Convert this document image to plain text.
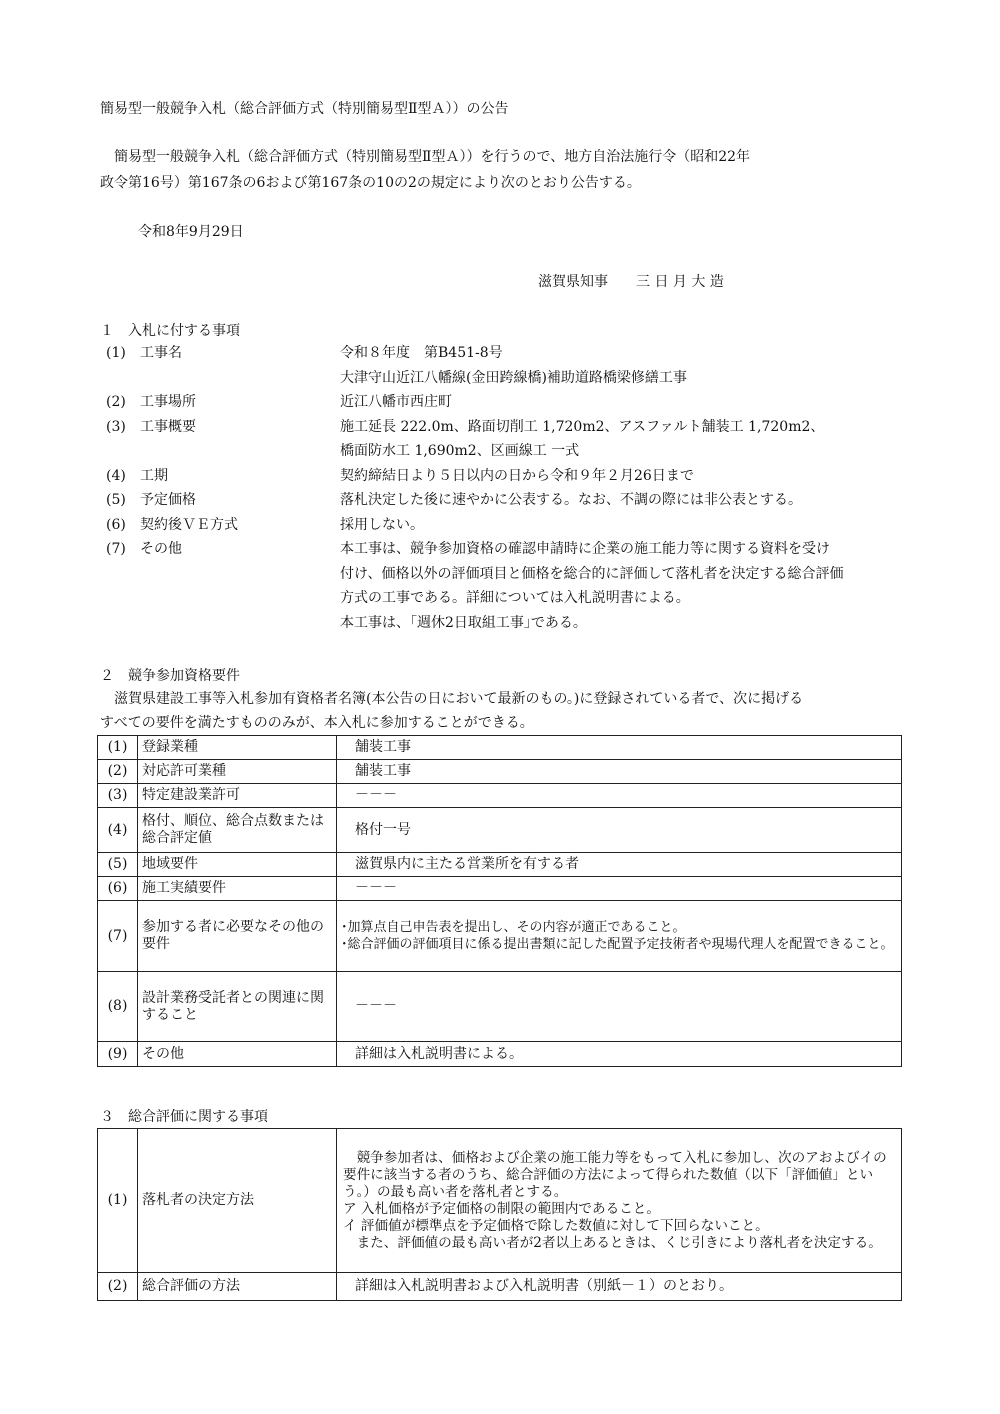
簡易型一般競争入札（総合評価方式（特別簡易型Ⅱ型Ａ））の公告
　簡易型一般競争入札（総合評価方式（特別簡易型Ⅱ型Ａ））を行うので、地方自治法施行令（昭和22年
政令第16号）第167条の6および第167条の10の2の規定により次のとおり公告する。
令和8年9月29日
滋賀県知事　　三 日 月 大 造
１　入札に付する事項
(1) 工事名	令和８年度　第B451-8号
大津守山近江八幡線(金田跨線橋)補助道路橋梁修繕工事
(2) 工事場所	近江八幡市西庄町
(3) 工事概要	施工延長 222.0m、路面切削工 1,720m2、アスファルト舗装工 1,720m2、
橋面防水工 1,690m2、区画線工 一式
(4) 工期	契約締結日より５日以内の日から令和９年２月26日まで
(5) 予定価格	落札決定した後に速やかに公表する。なお、不調の際には非公表とする。
(6) 契約後ＶＥ方式	採用しない。
(7) その他	本工事は、競争参加資格の確認申請時に企業の施工能力等に関する資料を受け
付け、価格以外の評価項目と価格を総合的に評価して落札者を決定する総合評価
方式の工事である。詳細については入札説明書による。
本工事は、｢週休2日取組工事｣である。
２　競争参加資格要件
　滋賀県建設工事等入札参加有資格者名簿(本公告の日において最新のもの。)に登録されている者で、次に掲げる
すべての要件を満たすもののみが、本入札に参加することができる。
(1)	登録業種	舗装工事
(2)	対応許可業種	舗装工事
(3)	特定建設業許可	－－－
(4)	格付、順位、総合点数または総合評定値	格付一号
(5)	地域要件	滋賀県内に主たる営業所を有する者
(6)	施工実績要件	－－－
(7)	参加する者に必要なその他の要件	･加算点自己申告表を提出し、その内容が適正であること。
･総合評価の評価項目に係る提出書類に記した配置予定技術者や現場代理人を配置できること。
(8)	設計業務受託者との関連に関すること	－－－
(9)	その他	詳細は入札説明書による。
３　総合評価に関する事項
(1)	落札者の決定方法	　競争参加者は、価格および企業の施工能力等をもって入札に参加し、次のアおよびイの要件に該当する者のうち、総合評価の方法によって得られた数値（以下「評価値」という。）の最も高い者を落札者とする。
ア 入札価格が予定価格の制限の範囲内であること。
イ 評価値が標準点を予定価格で除した数値に対して下回らないこと。
　また、評価値の最も高い者が2者以上あるときは、くじ引きにより落札者を決定する。
(2)	総合評価の方法	詳細は入札説明書および入札説明書（別紙－１）のとおり。
